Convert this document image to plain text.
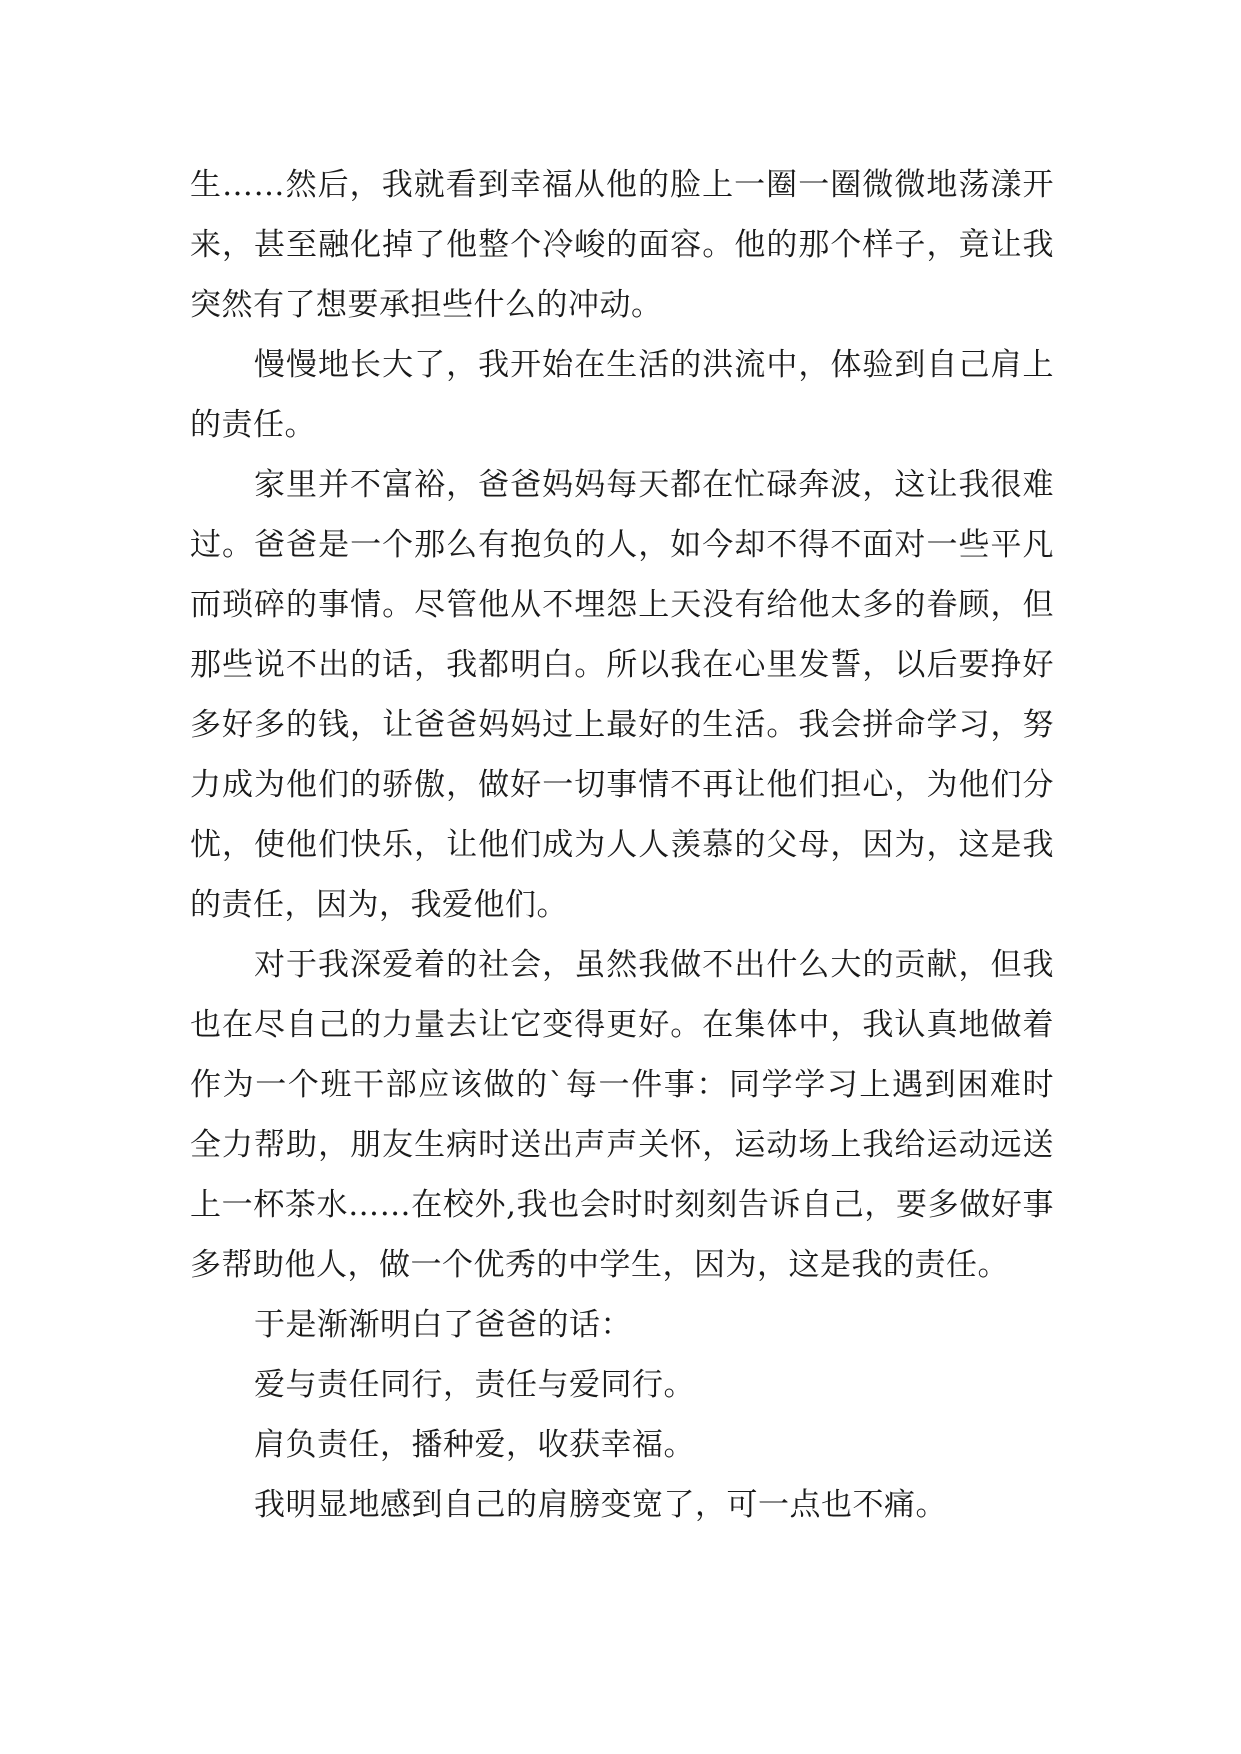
生……然后，我就看到幸福从他的脸上一圈一圈微微地荡漾开来，甚至融化掉了他整个冷峻的面容。他的那个样子，竟让我突然有了想要承担些什么的冲动。

慢慢地长大了，我开始在生活的洪流中，体验到自己肩上的责任。

家里并不富裕，爸爸妈妈每天都在忙碌奔波，这让我很难过。爸爸是一个那么有抱负的人，如今却不得不面对一些平凡而琐碎的事情。尽管他从不埋怨上天没有给他太多的眷顾，但那些说不出的话，我都明白。所以我在心里发誓，以后要挣好多好多的钱，让爸爸妈妈过上最好的生活。我会拼命学习，努力成为他们的骄傲，做好一切事情不再让他们担心，为他们分忧，使他们快乐，让他们成为人人羡慕的父母，因为，这是我的责任，因为，我爱他们。

对于我深爱着的社会，虽然我做不出什么大的贡献，但我也在尽自己的力量去让它变得更好。在集体中，我认真地做着作为一个班干部应该做的`每一件事：同学学习上遇到困难时全力帮助，朋友生病时送出声声关怀，运动场上我给运动远送上一杯茶水……在校外,我也会时时刻刻告诉自己，要多做好事多帮助他人，做一个优秀的中学生，因为，这是我的责任。

于是渐渐明白了爸爸的话：

爱与责任同行，责任与爱同行。

肩负责任，播种爱，收获幸福。

我明显地感到自己的肩膀变宽了，可一点也不痛。
